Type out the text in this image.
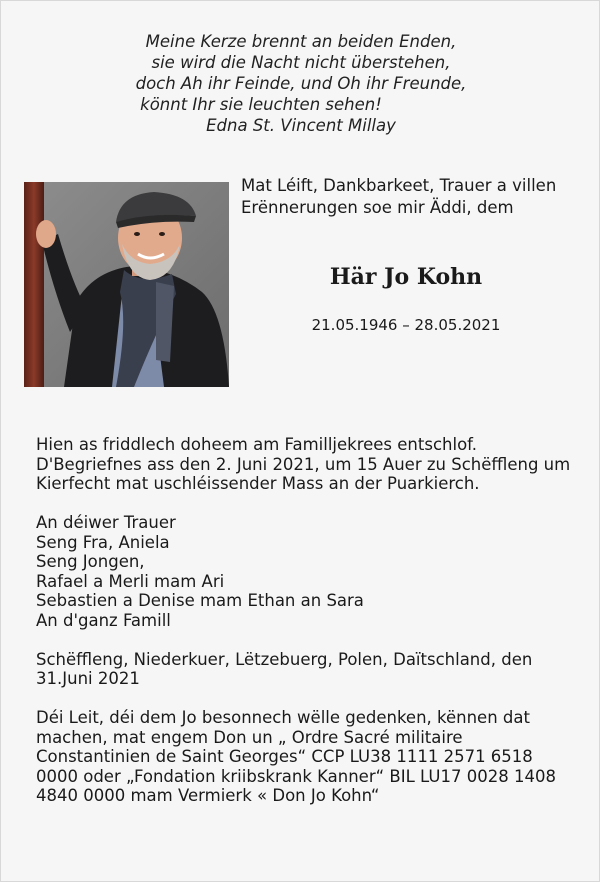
Meine Kerze brennt an beiden Enden,
sie wird die Nacht nicht überstehen,
doch Ah ihr Feinde, und Oh ihr Freunde,
könnt Ihr sie leuchten sehen!
Edna St. Vincent Millay
Mat Léift, Dankbarkeet, Trauer a villen
Erënnerungen soe mir Äddi, dem
Här Jo Kohn
21.05.1946 – 28.05.2021
Hien as friddlech doheem am Familljekrees entschlof.
D'Begriefnes ass den 2. Juni 2021, um 15 Auer zu Schëffleng um
Kierfecht mat uschléissender Mass an der Puarkierch.
An déiwer Trauer
Seng Fra, Aniela
Seng Jongen,
Rafael a Merli mam Ari
Sebastien a Denise mam Ethan an Sara
An d'ganz Famill
Schëffleng, Niederkuer, Lëtzebuerg, Polen, Daïtschland, den
31.Juni 2021
Déi Leit, déi dem Jo besonnech wëlle gedenken, kënnen dat
machen, mat engem Don un „ Ordre Sacré militaire
Constantinien de Saint Georges“ CCP LU38 1111 2571 6518
0000 oder „Fondation kriibskrank Kanner“ BIL LU17 0028 1408
4840 0000 mam Vermierk « Don Jo Kohn“
